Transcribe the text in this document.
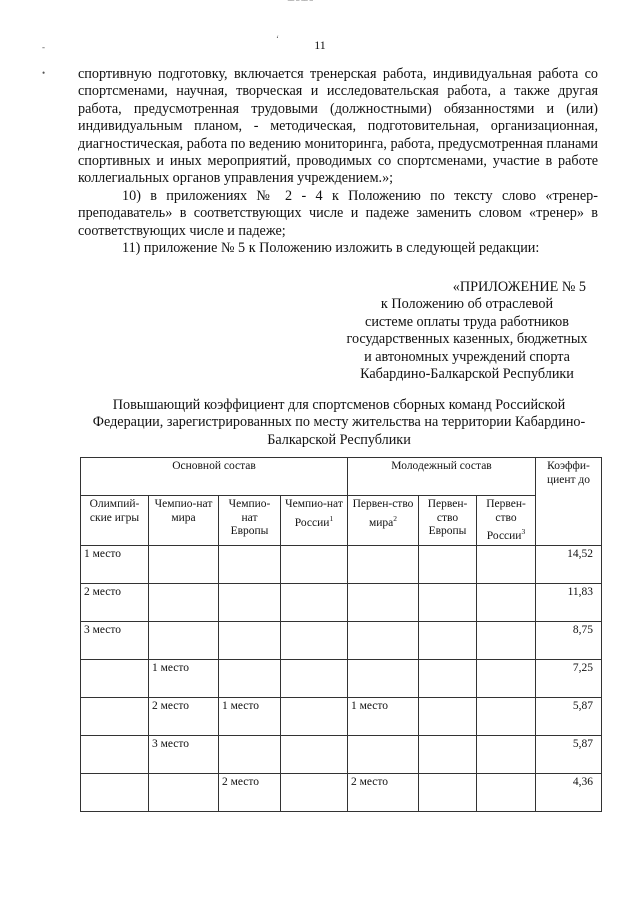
‾‾ ‾ ‾‾ ‾
‘
-
•
11

спортивную подготовку, включается тренерская работа, индивидуальная работа со спортсменами, научная, творческая и исследовательская работа, а также другая работа, предусмотренная трудовыми (должностными) обязанностями и (или) индивидуальным планом, - методическая, подготовительная, организационная, диагностическая, работа по ведению мониторинга, работа, предусмотренная планами спортивных и иных мероприятий, проводимых со спортсменами, участие в работе коллегиальных органов управления учреждением.»;

10) в приложениях № 2 - 4 к Положению по тексту слово «тренер-преподаватель» в соответствующих числе и падеже заменить словом «тренер» в соответствующих числе и падеже;

11) приложение № 5 к Положению изложить в следующей редакции:

«ПРИЛОЖЕНИЕ № 5
к Положению об отраслевой
системе оплаты труда работников
государственных казенных, бюджетных
и автономных учреждений спорта
Кабардино-Балкарской Республики
Повышающий коэффициент для спортсменов сборных команд Российской Федерации, зарегистрированных по месту жительства на территории Кабардино-Балкарской Республики
Основной состав				Молодежный состав			Коэффи-циент до
Олимпий-ские игры	Чемпио-нат мира	Чемпио-нат Европы	Чемпио-нат России$^1$	Первен-ство мира$^2$	Первен-ство Европы	Первен-ство России$^3$
1 место							14,52
2 место							11,83
3 место							8,75
	1 место						7,25
	2 место	1 место		1 место			5,87
	3 место						5,87
		2 место		2 место			4,36
